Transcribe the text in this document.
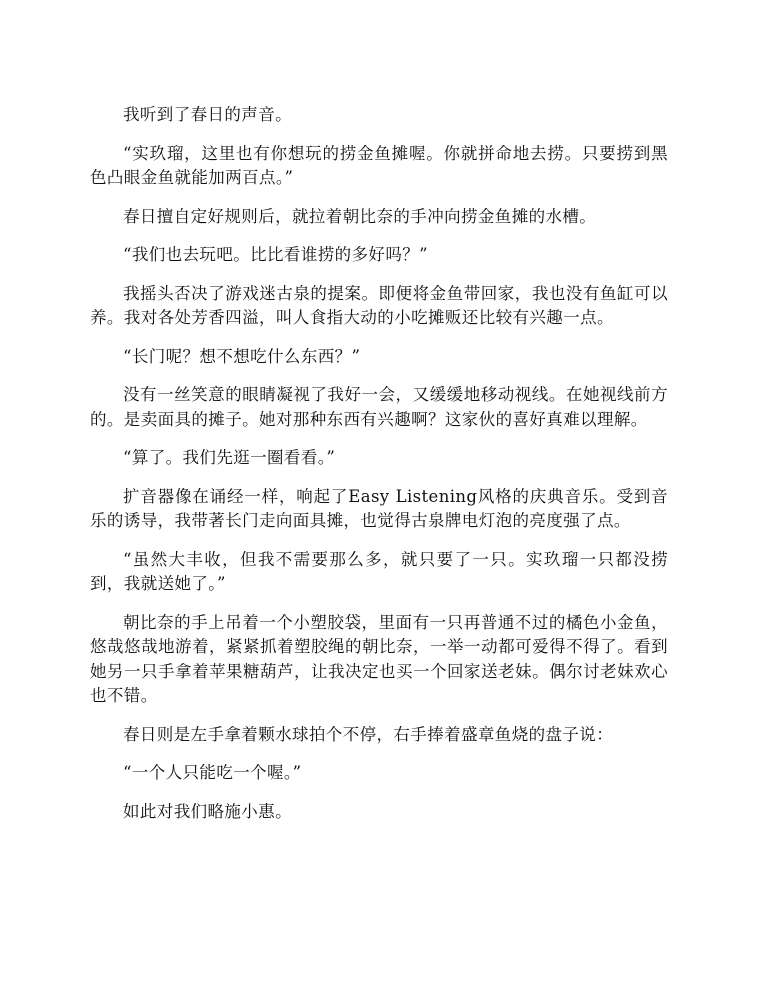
我听到了春日的声音。

“实玖瑠，这里也有你想玩的捞金鱼摊喔。你就拼命地去捞。只要捞到黑色凸眼金鱼就能加两百点。”

春日擅自定好规则后，就拉着朝比奈的手冲向捞金鱼摊的水槽。

“我们也去玩吧。比比看谁捞的多好吗？”

我摇头否决了游戏迷古泉的提案。即便将金鱼带回家，我也没有鱼缸可以养。我对各处芳香四溢，叫人食指大动的小吃摊贩还比较有兴趣一点。

“长门呢？想不想吃什么东西？”

没有一丝笑意的眼睛凝视了我好一会，又缓缓地移动视线。在她视线前方的。是卖面具的摊子。她对那种东西有兴趣啊？这家伙的喜好真难以理解。

“算了。我们先逛一圈看看。”

扩音器像在诵经一样，响起了Easy Listening风格的庆典音乐。受到音乐的诱导，我带著长门走向面具摊，也觉得古泉牌电灯泡的亮度强了点。

“虽然大丰收，但我不需要那么多，就只要了一只。实玖瑠一只都没捞到，我就送她了。”

朝比奈的手上吊着一个小塑胶袋，里面有一只再普通不过的橘色小金鱼，悠哉悠哉地游着，紧紧抓着塑胶绳的朝比奈，一举一动都可爱得不得了。看到她另一只手拿着苹果糖葫芦，让我决定也买一个回家送老妹。偶尔讨老妹欢心也不错。

春日则是左手拿着颗水球拍个不停，右手捧着盛章鱼烧的盘子说：

“一个人只能吃一个喔。”

如此对我们略施小惠。
